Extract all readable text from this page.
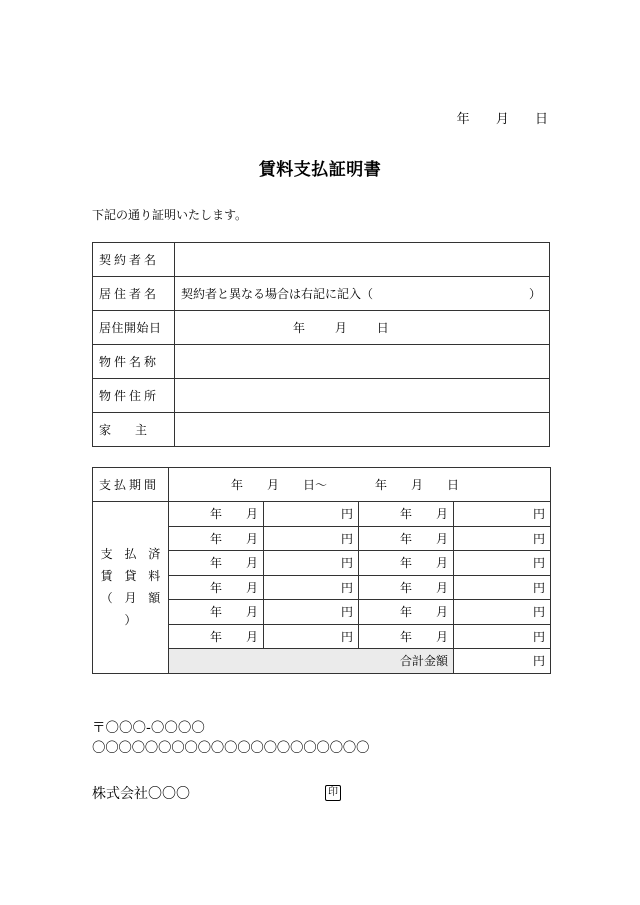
年 月 日
賃料支払証明書
下記の通り証明いたします。
契約者名	
居住者名	契約者と異なる場合は右記に記入（ ）

居住開始日	年 月 日
物件名称	
物件住所	
家　　主	
支払期間	年　　月　　日～ 年　　月　　日			

支 払 済
賃 貸 料
（ 月 額 ）	年　　月	円	年　　月	円
	年　　月	円	年　　月	円
	年　　月	円	年　　月	円
	年　　月	円	年　　月	円
	年　　月	円	年　　月	円
	年　　月	円	年　　月	円
	合計金額			円
〒〇〇〇-〇〇〇〇
〇〇〇〇〇〇〇〇〇〇〇〇〇〇〇〇〇〇〇〇〇
株式会社〇〇〇	印
